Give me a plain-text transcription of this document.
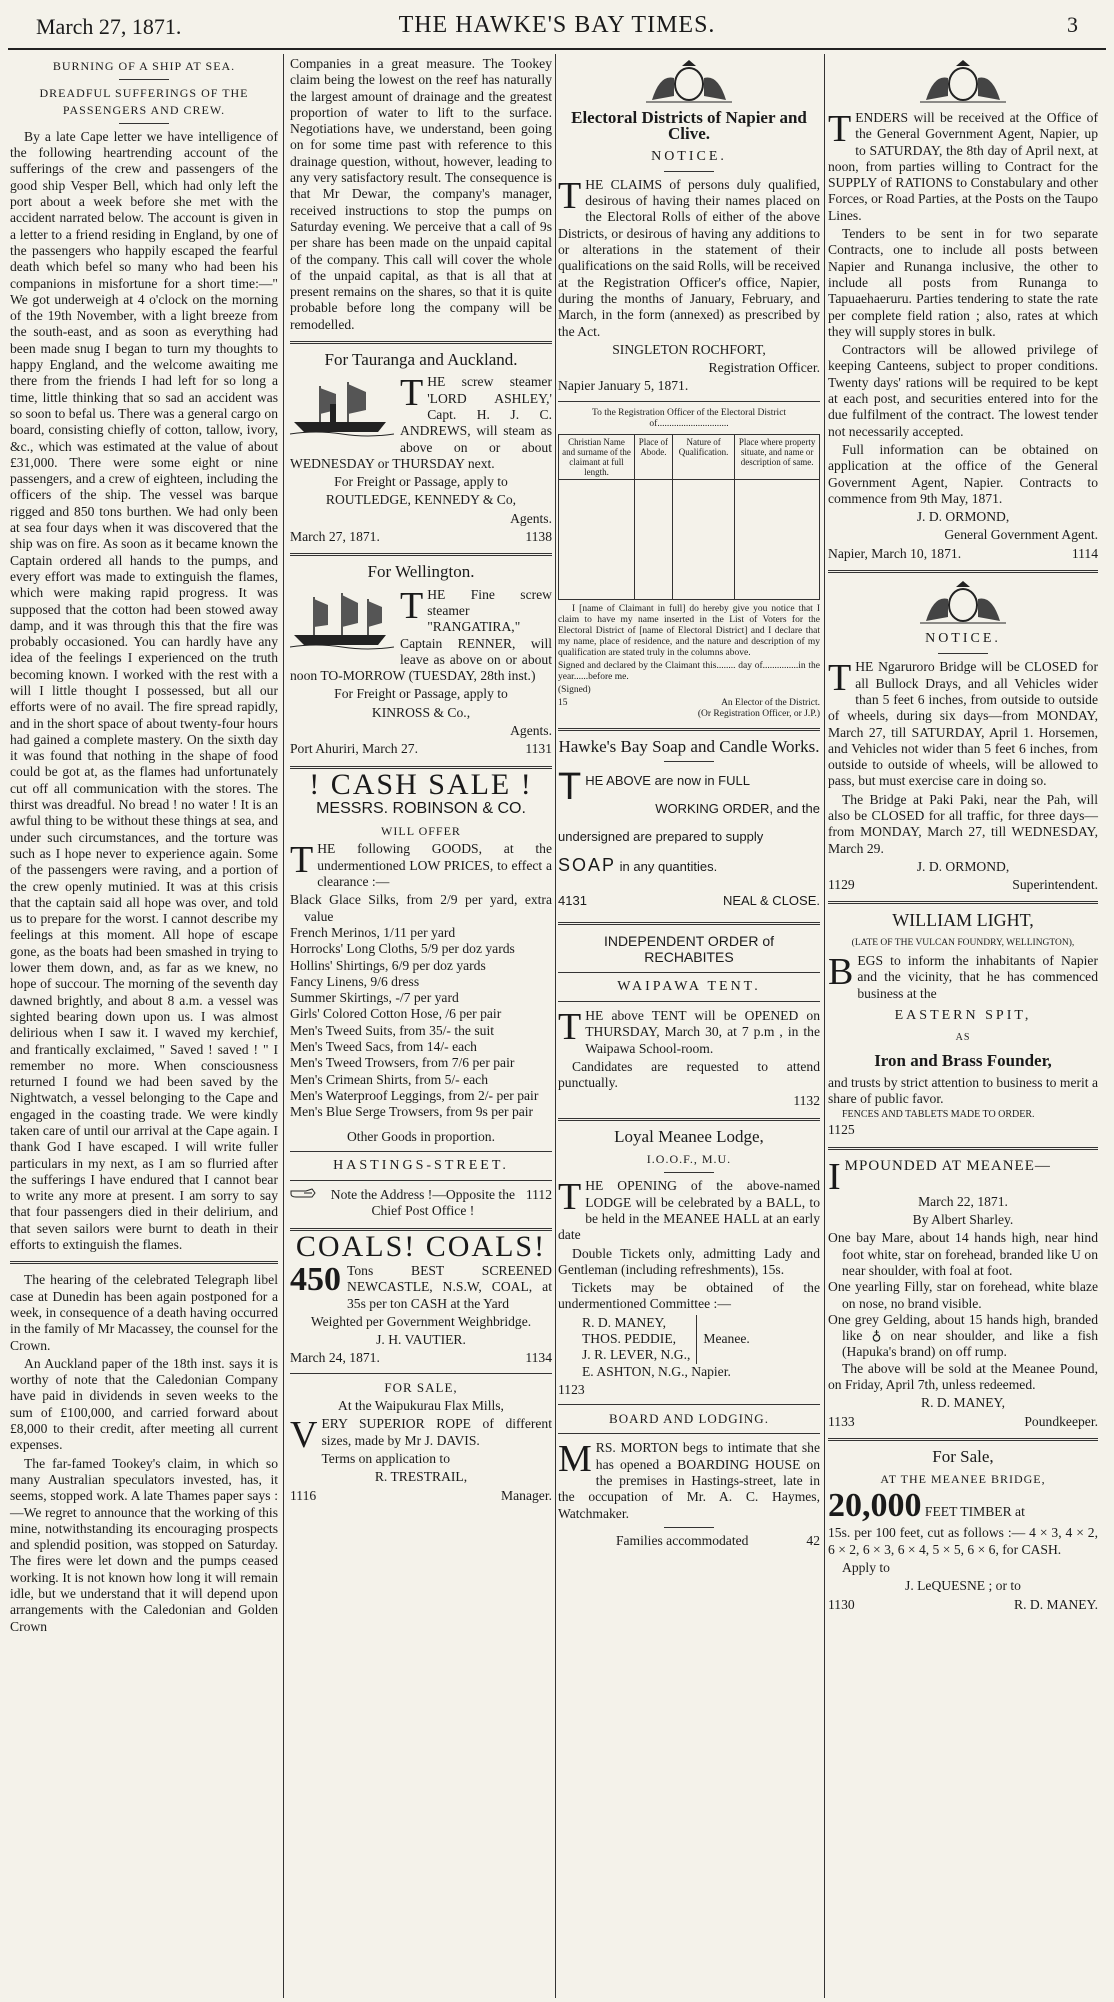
March 27, 1871.	THE HAWKE'S BAY TIMES.	3
BURNING OF A SHIP AT SEA.
DREADFUL SUFFERINGS OF THE PASSENGERS AND CREW.

By a late Cape letter we have intelligence of the following heartrending account of the sufferings of the crew and passengers of the good ship Vesper Bell, which had only left the port about a week before she met with the accident narrated below. The account is given in a letter to a friend residing in England, by one of the passengers who happily escaped the fearful death which befel so many who had been his companions in misfortune for a short time:—" We got underweigh at 4 o'clock on the morning of the 19th November, with a light breeze from the south-east, and as soon as everything had been made snug I began to turn my thoughts to happy England, and the welcome awaiting me there from the friends I had left for so long a time, little thinking that so sad an accident was so soon to befal us. There was a general cargo on board, consisting chiefly of cotton, tallow, ivory, &c., which was estimated at the value of about £31,000. There were some eight or nine passengers, and a crew of eighteen, including the officers of the ship. The vessel was barque rigged and 850 tons burthen. We had only been at sea four days when it was discovered that the ship was on fire. As soon as it became known the Captain ordered all hands to the pumps, and every effort was made to extinguish the flames, which were making rapid progress. It was supposed that the cotton had been stowed away damp, and it was through this that the fire was probably occasioned. You can hardly have any idea of the feelings I experienced on the truth becoming known. I worked with the rest with a will I little thought I possessed, but all our efforts were of no avail. The fire spread rapidly, and in the short space of about twenty-four hours had gained a complete mastery. On the sixth day it was found that nothing in the shape of food could be got at, as the flames had unfortunately cut off all communication with the stores. The thirst was dreadful. No bread ! no water ! It is an awful thing to be without these things at sea, and under such circumstances, and the torture was such as I hope never to experience again. Some of the passengers were raving, and a portion of the crew openly mutinied. It was at this crisis that the captain said all hope was over, and told us to prepare for the worst. I cannot describe my feelings at this moment. All hope of escape gone, as the boats had been smashed in trying to lower them down, and, as far as we knew, no hope of succour. The morning of the seventh day dawned brightly, and about 8 a.m. a vessel was sighted bearing down upon us. I was almost delirious when I saw it. I waved my kerchief, and frantically exclaimed, " Saved ! saved ! " I remember no more. When consciousness returned I found we had been saved by the Nightwatch, a vessel belonging to the Cape and engaged in the coasting trade. We were kindly taken care of until our arrival at the Cape again. I thank God I have escaped. I will write fuller particulars in my next, as I am so flurried after the sufferings I have endured that I cannot bear to write any more at present. I am sorry to say that four passengers died in their delirium, and that seven sailors were burnt to death in their efforts to extinguish the flames.

The hearing of the celebrated Telegraph libel case at Dunedin has been again postponed for a week, in consequence of a death having occurred in the family of Mr Macassey, the counsel for the Crown.

An Auckland paper of the 18th inst. says it is worthy of note that the Caledonian Company have paid in dividends in seven weeks to the sum of £100,000, and carried forward about £8,000 to their credit, after meeting all current expenses.

The far-famed Tookey's claim, in which so many Australian speculators invested, has, it seems, stopped work. A late Thames paper says :—We regret to announce that the working of this mine, notwithstanding its encouraging prospects and splendid position, was stopped on Saturday. The fires were let down and the pumps ceased working. It is not known how long it will remain idle, but we understand that it will depend upon arrangements with the Caledonian and Golden Crown

Companies in a great measure. The Tookey claim being the lowest on the reef has naturally the largest amount of drainage and the greatest proportion of water to lift to the surface. Negotiations have, we understand, been going on for some time past with reference to this drainage question, without, however, leading to any very satisfactory result. The consequence is that Mr Dewar, the company's manager, received instructions to stop the pumps on Saturday evening. We perceive that a call of 9s per share has been made on the unpaid capital of the company. This call will cover the whole of the unpaid capital, as that is all that at present remains on the shares, so that it is quite probable before long the company will be remodelled.

For Tauranga and Auckland.

THE screw steamer 'LORD ASHLEY,' Capt. H. J. C. ANDREWS, will steam as above on or about WEDNESDAY or THURSDAY next.

For Freight or Passage, apply to

ROUTLEDGE, KENNEDY & Co,

Agents.

March 27, 1871.	1138
For Wellington.

THE Fine screw steamer "RANGATIRA," Captain RENNER, will leave as above on or about noon TO-MORROW (TUESDAY, 28th inst.)

For Freight or Passage, apply to

KINROSS & Co.,

Agents.

Port Ahuriri, March 27.	1131
! CASH SALE !
MESSRS. ROBINSON & CO.
WILL OFFER

THE following GOODS, at the undermentioned LOW PRICES, to effect a clearance :—

Black Glace Silks, from 2/9 per yard, extra value

French Merinos, 1/11 per yard

Horrocks' Long Cloths, 5/9 per doz yards

Hollins' Shirtings, 6/9 per doz yards

Fancy Linens, 9/6 dress

Summer Skirtings, -/7 per yard

Girls' Colored Cotton Hose, /6 per pair

Men's Tweed Suits, from 35/- the suit

Men's Tweed Sacs, from 14/- each

Men's Tweed Trowsers, from 7/6 per pair

Men's Crimean Shirts, from 5/- each

Men's Waterproof Leggings, from 2/- per pair

Men's Blue Serge Trowsers, from 9s per pair

Other Goods in proportion.

HASTINGS-STREET.
Note the Address !—Opposite the Chief Post Office !
1112
COALS! COALS!

450 Tons BEST SCREENED NEWCASTLE, N.S.W, COAL, at 35s per ton CASH at the Yard

Weighted per Government Weighbridge.

J. H. VAUTIER.

March 24, 1871.	1134
FOR SALE,

At the Waipukurau Flax Mills,

VERY SUPERIOR ROPE of different sizes, made by Mr J. DAVIS.

Terms on application to

R. TRESTRAIL,

1116	Manager.
Electoral Districts of Napier and Clive.
NOTICE.

THE CLAIMS of persons duly qualified, desirous of having their names placed on the Electoral Rolls of either of the above Districts, or desirous of having any additions to or alterations in the statement of their qualifications on the said Rolls, will be received at the Registration Officer's office, Napier, during the months of January, February, and March, in the form (annexed) as prescribed by the Act.

SINGLETON ROCHFORT,

Registration Officer.

Napier January 5, 1871.

To the Registration Officer of the Electoral District of..............................
Christian Name and surname of the claimant at full length.	Place of Abode.	Nature of Qualification.	Place where property situate, and name or description of same.

I [name of Claimant in full] do hereby give you notice that I claim to have my name inserted in the List of Voters for the Electoral District of [name of Electoral District] and I declare that my name, place of residence, and the nature and description of my qualification are stated truly in the columns above.

Signed and declared by the Claimant this........ day of...............in the year......before me.

(Signed)

15	An Elector of the District.

(Or Registration Officer, or J.P.)

Hawke's Bay Soap and Candle Works.

THE ABOVE are now in FULL

WORKING ORDER, and the

undersigned are prepared to supply

SOAP in any quantities.

4131	NEAL & CLOSE.
INDEPENDENT ORDER of RECHABITES
WAIPAWA TENT.

THE above TENT will be OPENED on THURSDAY, March 30, at 7 p.m , in the Waipawa School-room.

Candidates are requested to attend punctually.

1132

Loyal Meanee Lodge,
I.O.O.F., M.U.

THE OPENING of the above-named LODGE will be celebrated by a BALL, to be held in the MEANEE HALL at an early date

Double Tickets only, admitting Lady and Gentleman (including refreshments), 15s.

Tickets may be obtained of the undermentioned Committee :—

R. D. MANEY,
THOS. PEDDIE,
J. R. LEVER, N.G.,
Meanee.

E. ASHTON, N.G., Napier.

1123

BOARD AND LODGING.

MRS. MORTON begs to intimate that she has opened a BOARDING HOUSE on the premises in Hastings-street, late in the occupation of Mr. A. C. Haymes, Watchmaker.

Families accommodated	42

TENDERS will be received at the Office of the General Government Agent, Napier, up to SATURDAY, the 8th day of April next, at noon, from parties willing to Contract for the SUPPLY of RATIONS to Constabulary and other Forces, or Road Parties, at the Posts on the Taupo Lines.

Tenders to be sent in for two separate Contracts, one to include all posts between Napier and Runanga inclusive, the other to include all posts from Runanga to Tapuaehaeruru. Parties tendering to state the rate per complete field ration ; also, rates at which they will supply stores in bulk.

Contractors will be allowed privilege of keeping Canteens, subject to proper conditions. Twenty days' rations will be required to be kept at each post, and securities entered into for the due fulfilment of the contract. The lowest tender not necessarily accepted.

Full information can be obtained on application at the office of the General Government Agent, Napier. Contracts to commence from 9th May, 1871.

J. D. ORMOND,

General Government Agent.

Napier, March 10, 1871.	1114
NOTICE.

THE Ngaruroro Bridge will be CLOSED for all Bullock Drays, and all Vehicles wider than 5 feet 6 inches, from outside to outside of wheels, during six days—from MONDAY, March 27, till SATURDAY, April 1. Horsemen, and Vehicles not wider than 5 feet 6 inches, from outside to outside of wheels, will be allowed to pass, but must exercise care in doing so.

The Bridge at Paki Paki, near the Pah, will also be CLOSED for all traffic, for three days—from MONDAY, March 27, till WEDNESDAY, March 29.

J. D. ORMOND,

1129	Superintendent.
WILLIAM LIGHT,
(LATE OF THE VULCAN FOUNDRY, WELLINGTON),

BEGS to inform the inhabitants of Napier and the vicinity, that he has commenced business at the

EASTERN SPIT,
AS
Iron and Brass Founder,

and trusts by strict attention to business to merit a share of public favor.

FENCES AND TABLETS MADE TO ORDER.

1125

IMPOUNDED AT MEANEE—

March 22, 1871.

By Albert Sharley.

One bay Mare, about 14 hands high, near hind foot white, star on forehead, branded like U on near shoulder, with foal at foot.

One yearling Filly, star on forehead, white blaze on nose, no brand visible.

One grey Gelding, about 15 hands high, branded like ♁ on near shoulder, and like a fish (Hapuka's brand) on off rump.

The above will be sold at the Meanee Pound, on Friday, April 7th, unless redeemed.

R. D. MANEY,

1133	Poundkeeper.
For Sale,
AT THE MEANEE BRIDGE,

20,000 FEET TIMBER at

15s. per 100 feet, cut as follows :— 4 × 3, 4 × 2, 6 × 2, 6 × 3, 6 × 4, 5 × 5, 6 × 6, for CASH.

Apply to

J. LeQUESNE ; or to

1130	R. D. MANEY.
